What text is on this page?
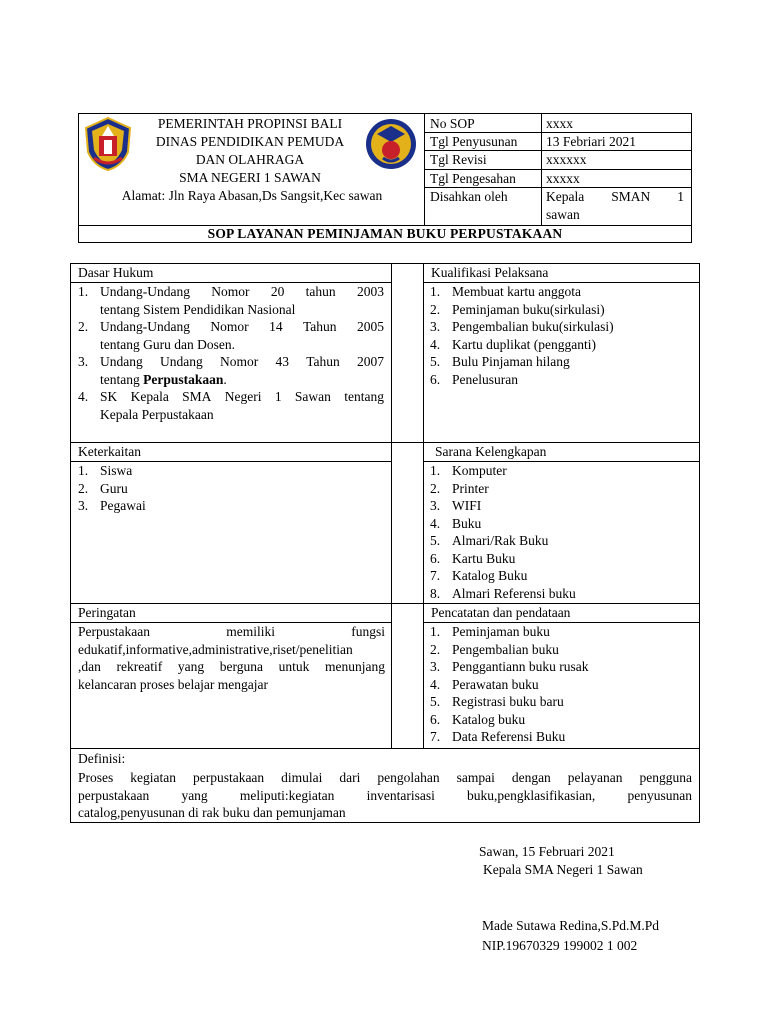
PEMERINTAH PROPINSI BALI
DINAS PENDIDIKAN PEMUDA
DAN OLAHRAGA
SMA NEGERI 1 SAWAN
Alamat: Jln Raya Abasan,Ds Sangsit,Kec sawan
No SOP	xxxx
Tgl Penyusunan 13 Febriari 2021
Tgl Revisi	xxxxxx
Tgl Pengesahan xxxxx
Disahkan oleh	Kepala SMAN 1
sawan
SOP LAYANAN PEMINJAMAN BUKU PERPUSTAKAAN
Dasar Hukum
1. Undang-Undang Nomor 20 tahun 2003
tentang Sistem Pendidikan Nasional
2. Undang-Undang Nomor 14 Tahun 2005
tentang Guru dan Dosen.
3. Undang Undang Nomor 43 Tahun 2007
tentang Perpustakaan.
4. SK Kepala SMA Negeri 1 Sawan tentang
Kepala Perpustakaan
Kualifikasi Pelaksana
1. Membuat kartu anggota
2. Peminjaman buku(sirkulasi)
3. Pengembalian buku(sirkulasi)
4. Kartu duplikat (pengganti)
5. Bulu Pinjaman hilang
6. Penelusuran
Keterkaitan
1. Siswa
2. Guru
3. Pegawai
Sarana Kelengkapan
1. Komputer
2. Printer
3. WIFI
4. Buku
5. Almari/Rak Buku
6. Kartu Buku
7. Katalog Buku
8. Almari Referensi buku
Peringatan
Perpustakaan	memiliki	fungsi
edukatif,informative,administrative,riset/penelitian
,dan rekreatif yang berguna untuk menunjang
kelancaran proses belajar mengajar
Pencatatan dan pendataan
1. Peminjaman buku
2. Pengembalian buku
3. Penggantiann buku rusak
4. Perawatan buku
5. Registrasi buku baru
6. Katalog buku
7. Data Referensi Buku
Definisi:
Proses kegiatan perpustakaan dimulai dari pengolahan sampai dengan pelayanan pengguna
perpustakaan yang meliputi:kegiatan inventarisasi buku,pengklasifikasian, penyusunan
catalog,penyusunan di rak buku dan pemunjaman
Sawan, 15 Februari 2021
Kepala SMA Negeri 1 Sawan
Made Sutawa Redina,S.Pd.M.Pd
NIP.19670329 199002 1 002
